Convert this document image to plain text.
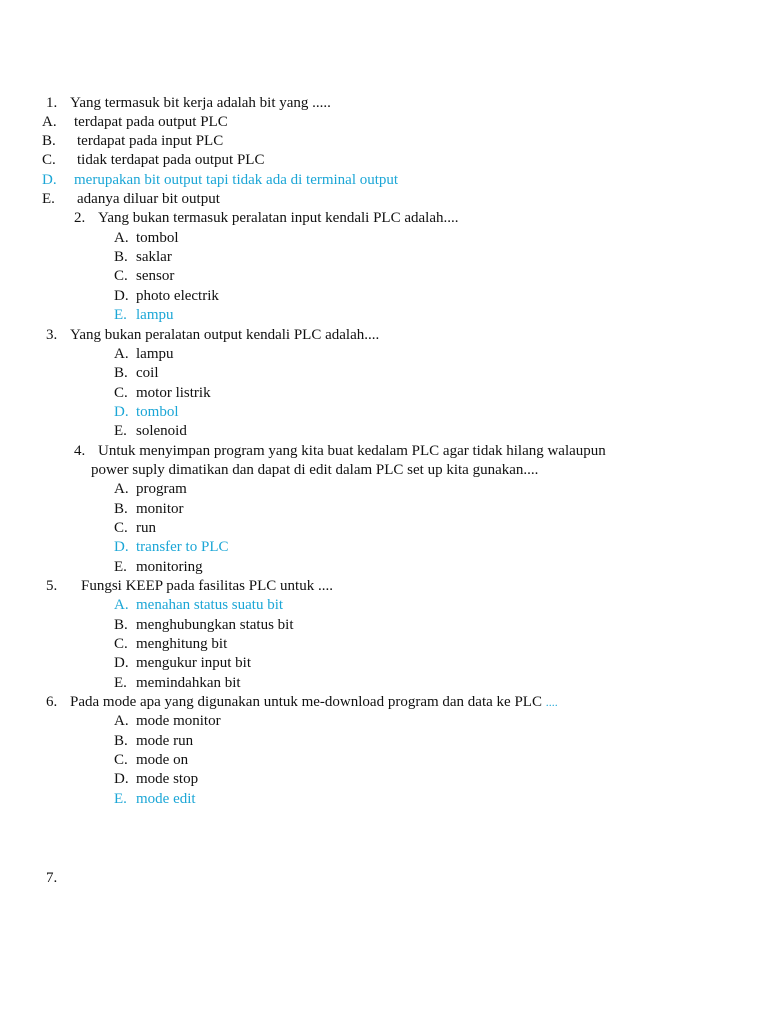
1. Yang termasuk bit kerja adalah bit yang .....
A. terdapat pada output PLC
B. terdapat pada input PLC
C. tidak terdapat pada output PLC
D. merupakan bit output tapi tidak ada di terminal output
E. adanya diluar bit output
2. Yang bukan termasuk peralatan input kendali PLC adalah....
A. tombol
B. saklar
C. sensor
D. photo electrik
E. lampu
3. Yang bukan peralatan output kendali PLC adalah....
A. lampu
B. coil
C. motor listrik
D. tombol
E. solenoid
4. Untuk menyimpan program yang kita buat kedalam PLC agar tidak hilang walaupun
power suply dimatikan dan dapat di edit dalam PLC set up kita gunakan....
A. program
B. monitor
C. run
D. transfer to PLC
E. monitoring
5. Fungsi KEEP pada fasilitas PLC untuk ....
A. menahan status suatu bit
B. menghubungkan status bit
C. menghitung bit
D. mengukur input bit
E. memindahkan bit
6. Pada mode apa yang digunakan untuk me-download program dan data ke PLC ....
A. mode monitor
B. mode run
C. mode on
D. mode stop
E. mode edit
7.
